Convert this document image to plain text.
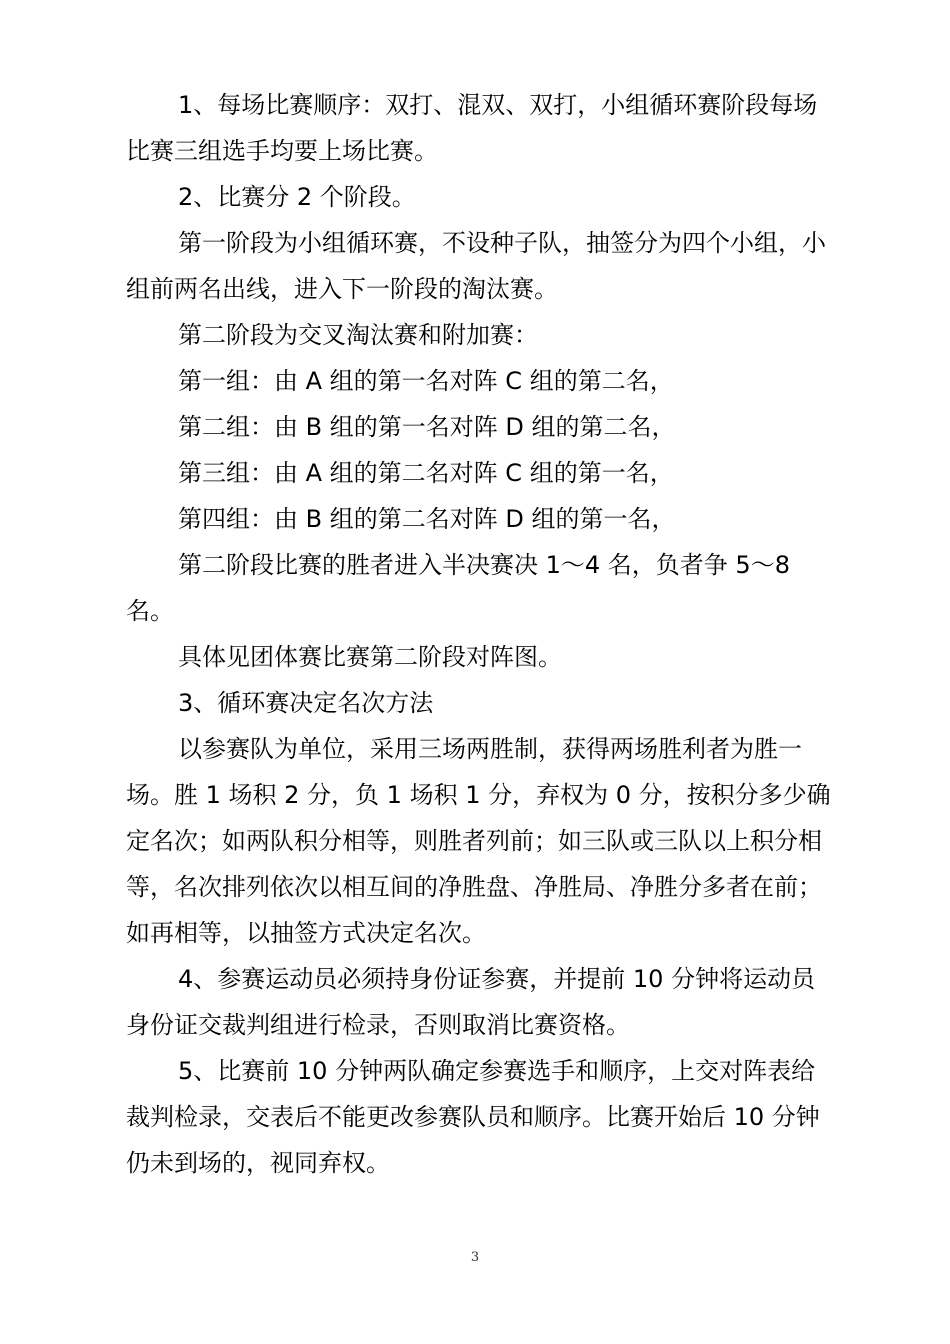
1、每场比赛顺序：双打、混双、双打，小组循环赛阶段每场比赛三组选手均要上场比赛。

2、比赛分 2 个阶段。

第一阶段为小组循环赛，不设种子队，抽签分为四个小组，小组前两名出线，进入下一阶段的淘汰赛。

第二阶段为交叉淘汰赛和附加赛：

第一组：由 A 组的第一名对阵 C 组的第二名，

第二组：由 B 组的第一名对阵 D 组的第二名，

第三组：由 A 组的第二名对阵 C 组的第一名，

第四组：由 B 组的第二名对阵 D 组的第一名，

第二阶段比赛的胜者进入半决赛决 1～4 名，负者争 5～8 名。

具体见团体赛比赛第二阶段对阵图。

3、循环赛决定名次方法

以参赛队为单位，采用三场两胜制，获得两场胜利者为胜一场。胜 1 场积 2 分，负 1 场积 1 分，弃权为 0 分，按积分多少确定名次；如两队积分相等，则胜者列前；如三队或三队以上积分相等，名次排列依次以相互间的净胜盘、净胜局、净胜分多者在前；如再相等，以抽签方式决定名次。

4、参赛运动员必须持身份证参赛，并提前 10 分钟将运动员身份证交裁判组进行检录，否则取消比赛资格。

5、比赛前 10 分钟两队确定参赛选手和顺序，上交对阵表给裁判检录，交表后不能更改参赛队员和顺序。比赛开始后 10 分钟仍未到场的，视同弃权。

3
